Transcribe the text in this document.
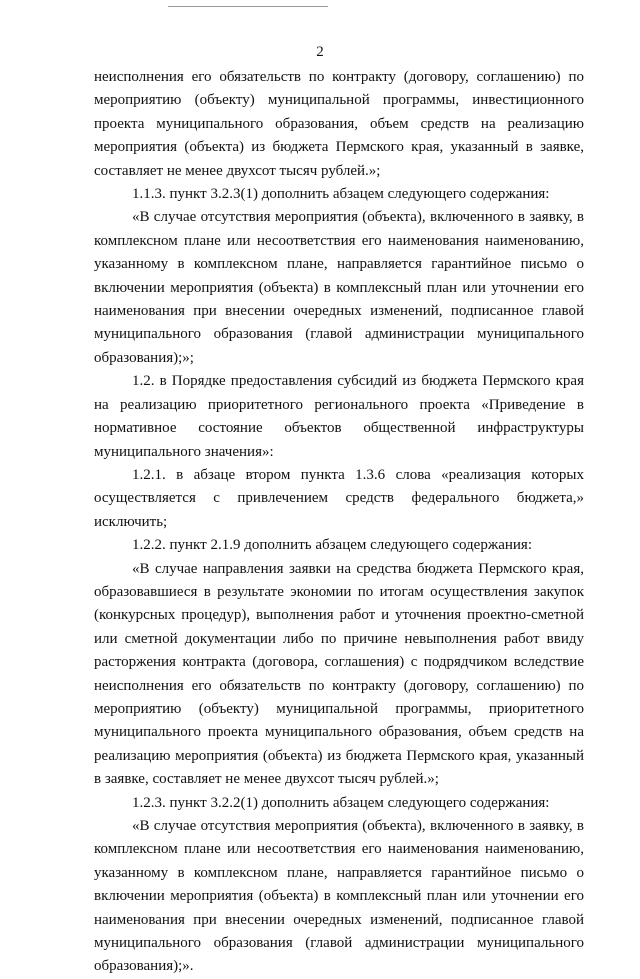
2

неисполнения его обязательств по контракту (договору, соглашению) по мероприятию (объекту) муниципальной программы, инвестиционного проекта муниципального образования, объем средств на реализацию мероприятия (объекта) из бюджета Пермского края, указанный в заявке, составляет не менее двухсот тысяч рублей.»;

1.1.3. пункт 3.2.3(1) дополнить абзацем следующего содержания:

«В случае отсутствия мероприятия (объекта), включенного в заявку, в комплексном плане или несоответствия его наименования наименованию, указанному в комплексном плане, направляется гарантийное письмо о включении мероприятия (объекта) в комплексный план или уточнении его наименования при внесении очередных изменений, подписанное главой муниципального образования (главой администрации муниципального образования);»;

1.2. в Порядке предоставления субсидий из бюджета Пермского края на реализацию приоритетного регионального проекта «Приведение в нормативное состояние объектов общественной инфраструктуры муниципального значения»:

1.2.1. в абзаце втором пункта 1.3.6 слова «реализация которых осуществляется с привлечением средств федерального бюджета,» исключить;

1.2.2. пункт 2.1.9 дополнить абзацем следующего содержания:

«В случае направления заявки на средства бюджета Пермского края, образовавшиеся в результате экономии по итогам осуществления закупок (конкурсных процедур), выполнения работ и уточнения проектно-сметной или сметной документации либо по причине невыполнения работ ввиду расторжения контракта (договора, соглашения) с подрядчиком вследствие неисполнения его обязательств по контракту (договору, соглашению) по мероприятию (объекту) муниципальной программы, приоритетного муниципального проекта муниципального образования, объем средств на реализацию мероприятия (объекта) из бюджета Пермского края, указанный в заявке, составляет не менее двухсот тысяч рублей.»;

1.2.3. пункт 3.2.2(1) дополнить абзацем следующего содержания:

«В случае отсутствия мероприятия (объекта), включенного в заявку, в комплексном плане или несоответствия его наименования наименованию, указанному в комплексном плане, направляется гарантийное письмо о включении мероприятия (объекта) в комплексный план или уточнении его наименования при внесении очередных изменений, подписанное главой муниципального образования (главой администрации муниципального образования);».
